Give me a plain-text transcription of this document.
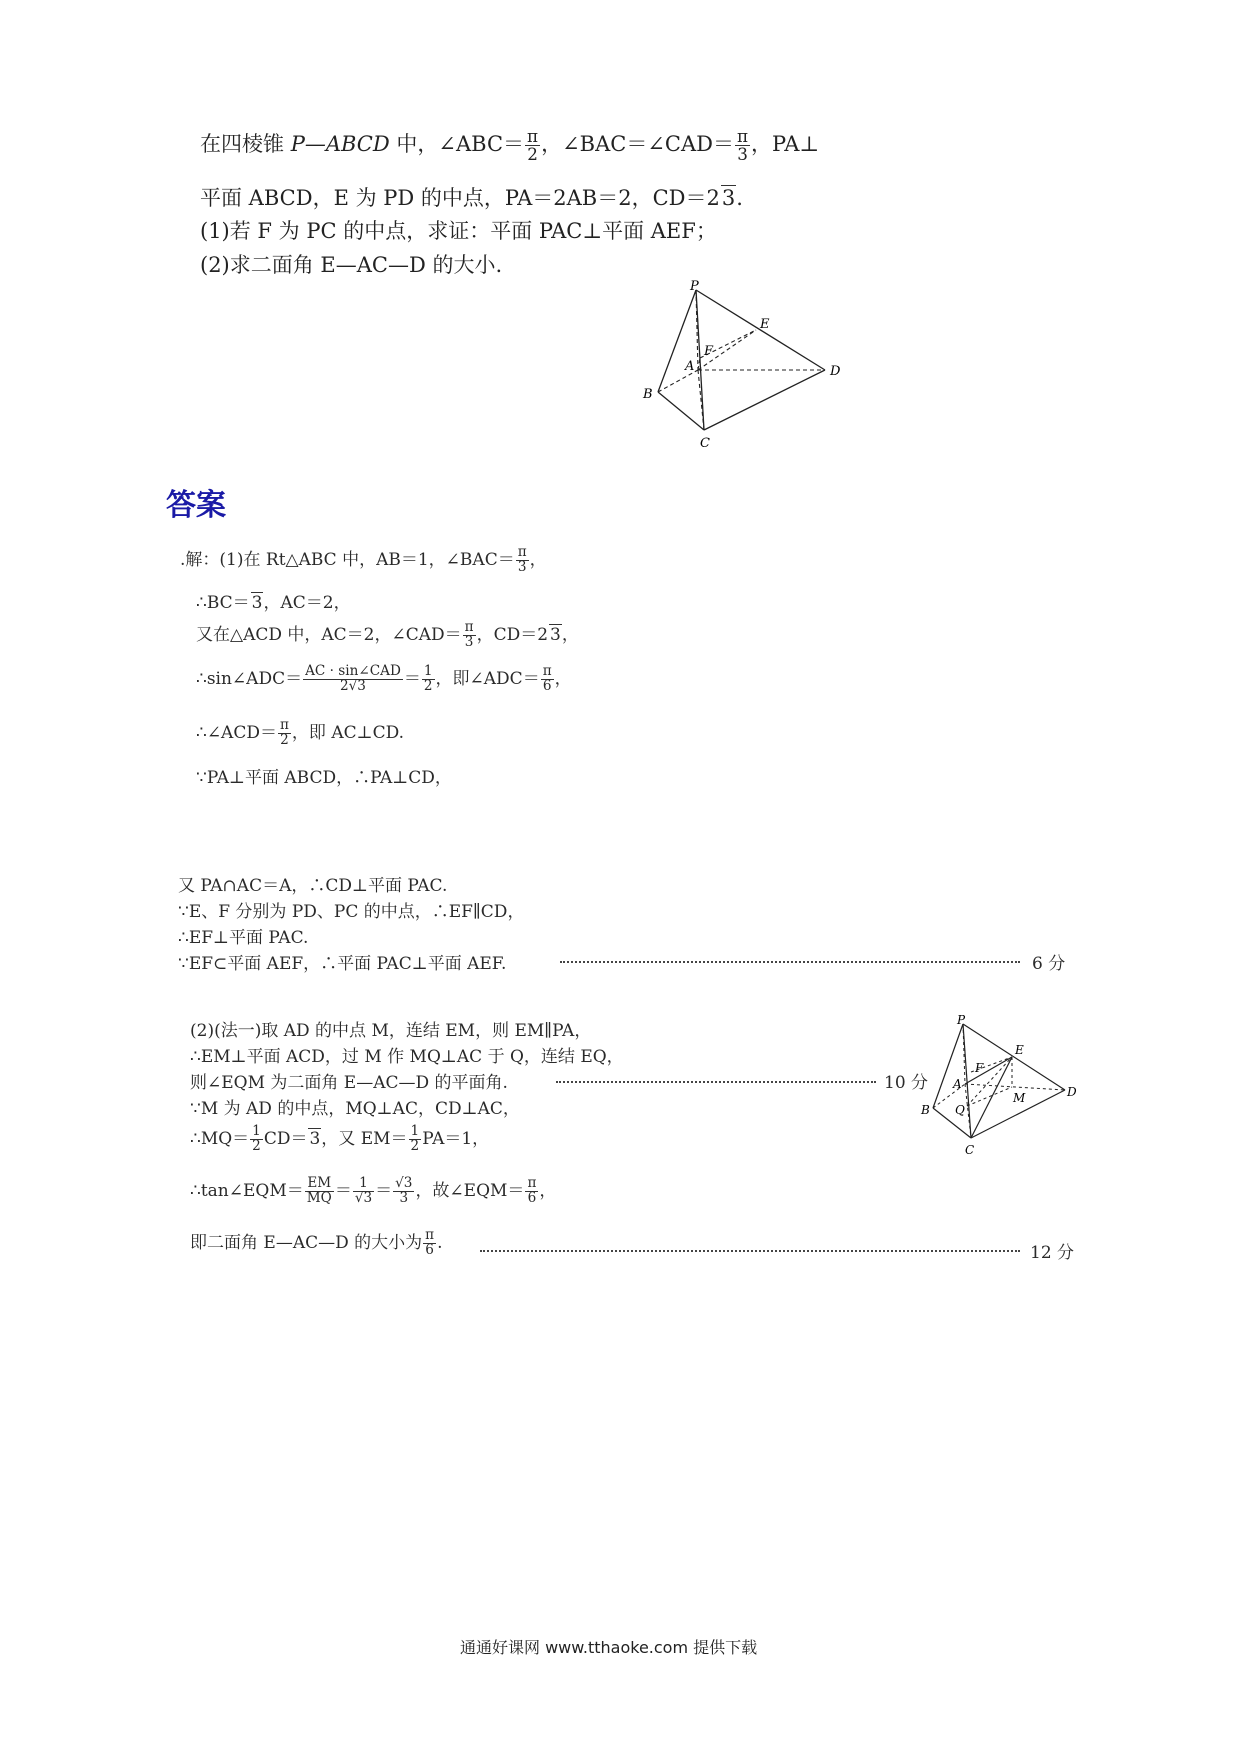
在四棱锥 P—ABCD 中，∠ABC＝ $\frac{\pi}{2}$ ，∠BAC＝∠CAD＝ $\frac{\pi}{3}$ ，PA⊥
平面 ABCD，E 为 PD 的中点，PA＝2AB＝2，CD＝23.
(1)若 F 为 PC 的中点，求证：平面 PAC⊥平面 AEF；
(2)求二面角 E—AC—D 的大小.
P
E
F
A	D
B
C
答案
.解：(1)在 Rt△ABC 中，AB＝1，∠BAC＝ $\frac{\pi}{3}$ ，
∴BC＝ 3，AC＝2，
又在△ACD 中，AC＝2，∠CAD＝ $\frac{\pi}{3}$ ，CD＝2 3，
∴sin∠ADC＝ $\frac{\text{AC · sin∠CAD}}{2√3} = \frac{1}{2}$ ，即∠ADC＝ $\frac{\pi}{6}$ ，
∴∠ACD＝ $\frac{\pi}{2}$ ，即 AC⊥CD.
∵PA⊥平面 ABCD，∴PA⊥CD，
又 PA∩AC＝A，∴CD⊥平面 PAC.
∵E、F 分别为 PD、PC 的中点，∴EF∥CD，
∴EF⊥平面 PAC.
∵EF⊂平面 AEF，∴平面 PAC⊥平面 AEF.	6 分
(2)(法一)取 AD 的中点 M，连结 EM，则 EM∥PA，
∴EM⊥平面 ACD，过 M 作 MQ⊥AC 于 Q，连结 EQ，
则∠EQM 为二面角 E—AC—D 的平面角.	10 分
∵M 为 AD 的中点，MQ⊥AC，CD⊥AC，
∴MQ＝ $\frac{1}{2} CD= 3$，又 $EM= \frac{1}{2} PA=1$，
∴tan∠EQM＝ $\frac{EM}{MQ} = \frac{1}{√3} = \frac{√3}{3}$ ，故∠EQM＝ $\frac{\pi}{6}$ ，
即二面角 E—AC—D 的大小为 $\frac{\pi}{6}$ .	12 分
P
E
F
A
D
B
C
M
Q
通通好课网 www.tthaoke.com 提供下载
